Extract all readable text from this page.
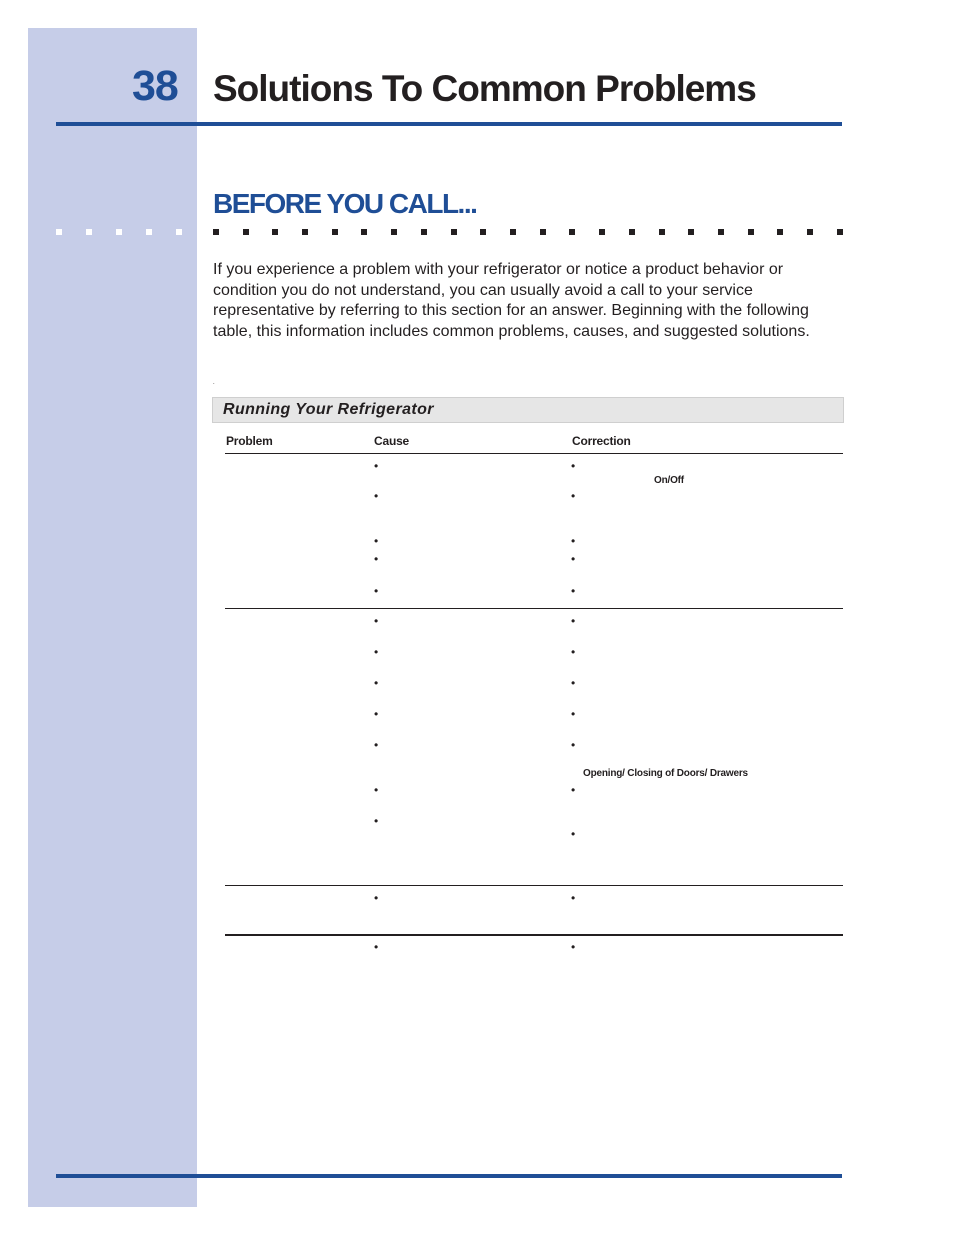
38 Solutions To Common Problems
BEFORE YOU CALL...
If you experience a problem with your refrigerator or notice a product behavior or condition you do not understand, you can usually avoid a call to your service representative by referring to this section for an answer. Beginning with the following table, this information includes common problems, causes, and suggested solutions.
.
Running Your Refrigerator
Problem	Cause	Correction
On/Off
Opening/ Closing of Doors/ Drawers
•
•
•
•
•
•
•
•
•
•
•
•
•
•
•
•
•
•
•
•
•
•
•
•
•
•
•
•
